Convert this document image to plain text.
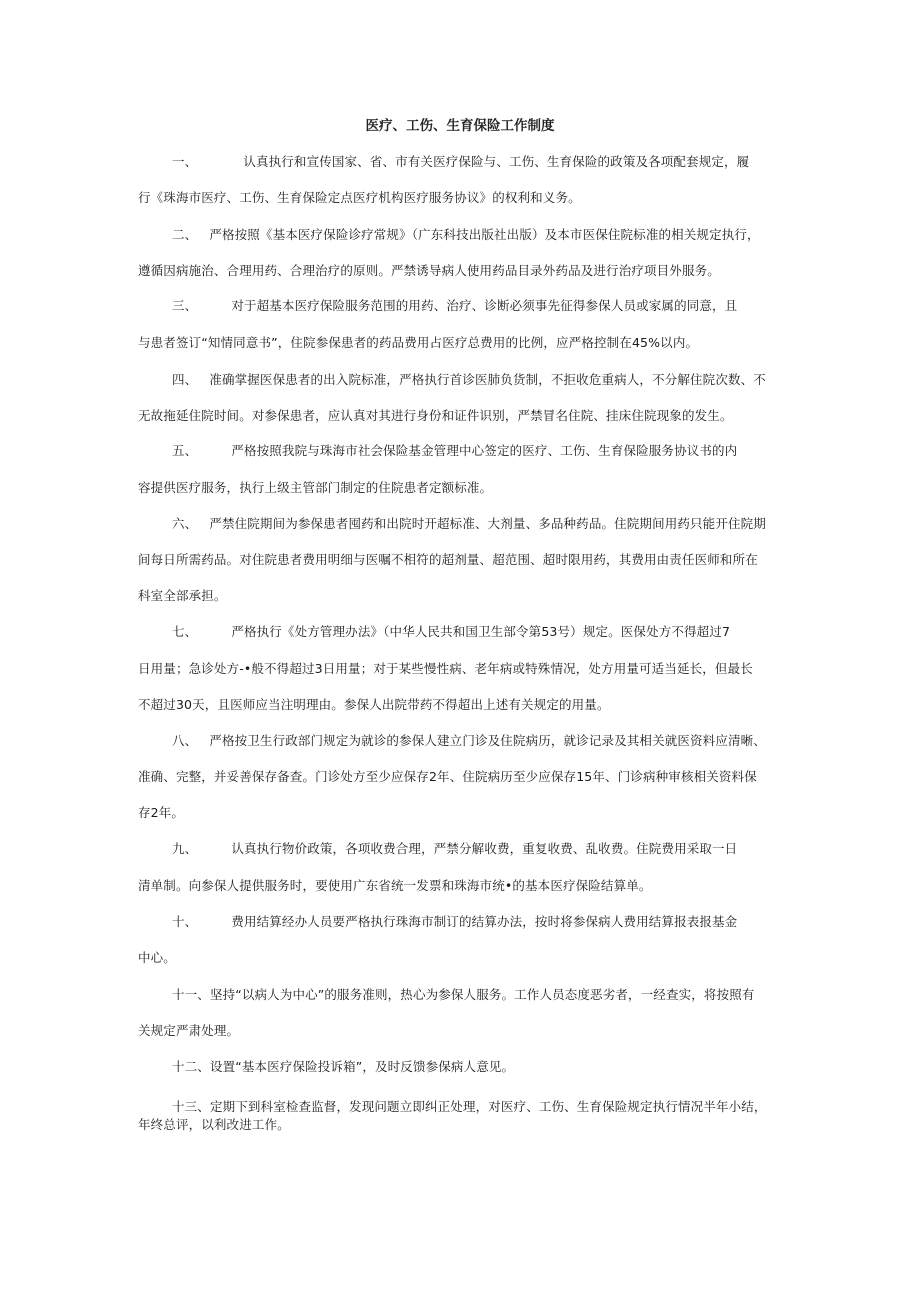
医疗、工伤、生育保险工作制度
一、	认真执行和宣传国家、省、市有关医疗保险与、工伤、生育保险的政策及各项配套规定，履
行《珠海市医疗、工伤、生育保险定点医疗机构医疗服务协议》的权利和义务。
二、 严格按照《基本医疗保险诊疗常规》（广东科技出版社出版）及本市医保住院标准的相关规定执行，
遵循因病施治、合理用药、合理治疗的原则。严禁诱导病人使用药品目录外药品及进行治疗项目外服务。
三、	对于超基本医疗保险服务范围的用药、治疗、诊断必须事先征得参保人员或家属的同意，且
与患者签订“知情同意书”，住院参保患者的药品费用占医疗总费用的比例，应严格控制在45%以内。
四、 准确掌握医保患者的出入院标准，严格执行首诊医肺负货制，不拒收危重病人，不分解住院次数、不
无故拖延住院时间。对参保患者，应认真对其进行身份和证件识别，严禁冒名住院、挂床住院现象的发生。
五、	严格按照我院与珠海市社会保险基金管理中心签定的医疗、工伤、生育保险服务协议书的内
容提供医疗服务，执行上级主管部门制定的住院患者定额标准。
六、 严禁住院期间为参保患者囤药和出院时开超标准、大剂量、多品种药品。住院期间用药只能开住院期
间每日所需药品。对住院患者费用明细与医嘱不相符的超剂量、超范围、超时限用药，其费用由责任医师和所在
科室全部承担。
七、	严格执行《处方管理办法》（中华人民共和国卫生部令第53号）规定。医保处方不得超过7
日用量；急诊处方-•般不得超过3日用量；对于某些慢性病、老年病或特殊情况，处方用量可适当延长，但最长
不超过30天，且医师应当注明理由。参保人出院带药不得超出上述有关规定的用量。
八、 严格按卫生行政部门规定为就诊的参保人建立门诊及住院病历，就诊记录及其相关就医资料应清晰、
准确、完整，并妥善保存备查。门诊处方至少应保存2年、住院病历至少应保存15年、门诊病种审核相关资料保
存2年。
九、	认真执行物价政策，各项收费合理，严禁分解收费，重复收费、乱收费。住院费用采取一日
清单制。向参保人提供服务时，要使用广东省统一发票和珠海市统•的基本医疗保险结算单。
十、	费用结算经办人员要严格执行珠海市制订的结算办法，按时将参保病人费用结算报表报基金
中心。
十一、坚持“以病人为中心”的服务准则，热心为参保人服务。工作人员态度恶劣者，一经查实，将按照有
关规定严肃处理。
十二、设置“基本医疗保险投诉箱”，及时反馈参保病人意见。
十三、定期下到科室检查监督，发现问题立即纠正处理，对医疗、工伤、生育保险规定执行情况半年小结，
年终总评，以利改进工作。
